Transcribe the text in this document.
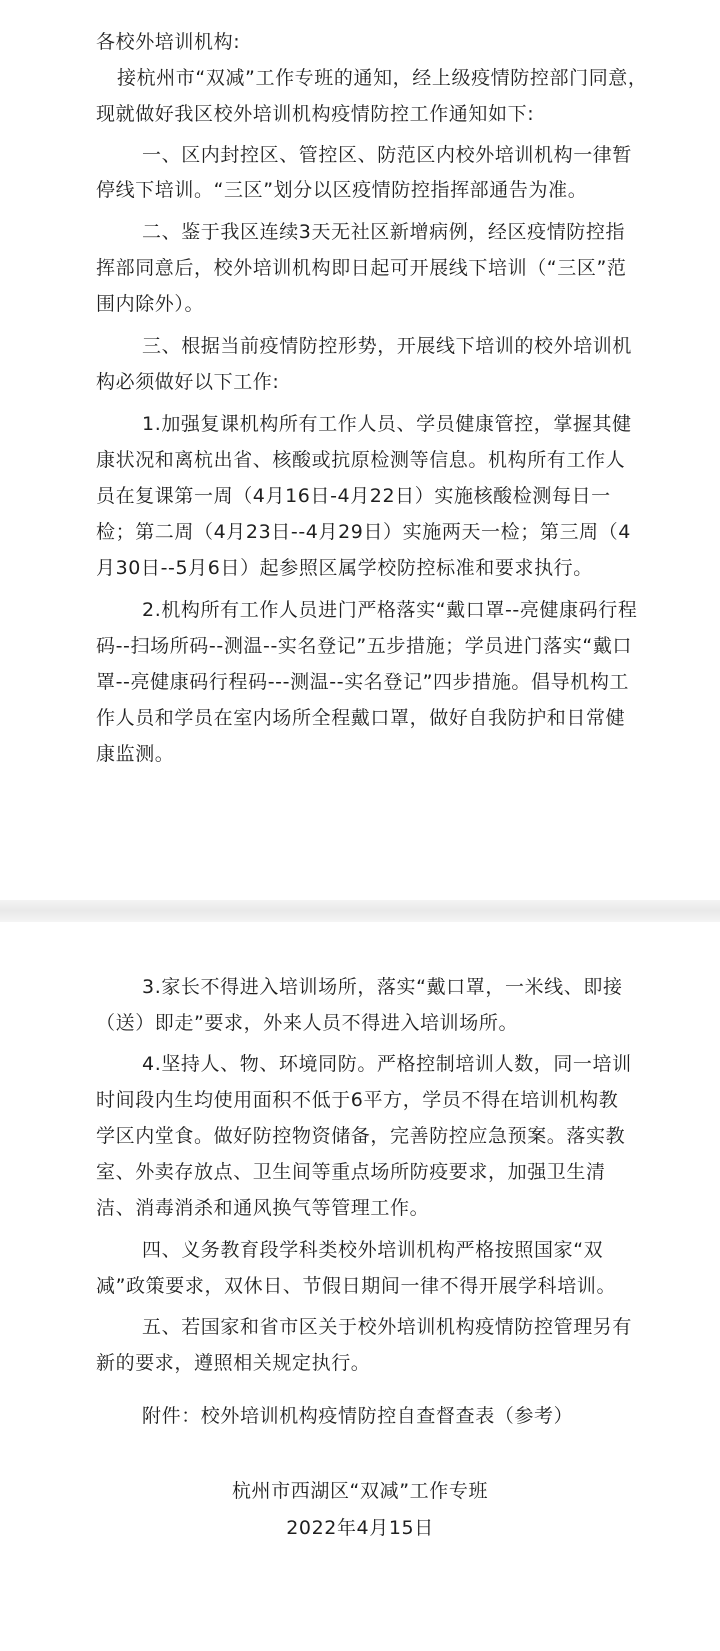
各校外培训机构:

接杭州市“双减”工作专班的通知，经上级疫情防控部门同意，

现就做好我区校外培训机构疫情防控工作通知如下:

一、区内封控区、管控区、防范区内校外培训机构一律暂

停线下培训。“三区”划分以区疫情防控指挥部通告为准。

二、鉴于我区连续3天无社区新增病例，经区疫情防控指

挥部同意后，校外培训机构即日起可开展线下培训（“三区”范

围内除外）。

三、根据当前疫情防控形势，开展线下培训的校外培训机

构必须做好以下工作:

1.加强复课机构所有工作人员、学员健康管控，掌握其健

康状况和离杭出省、核酸或抗原检测等信息。机构所有工作人

员在复课第一周（4月16日-4月22日）实施核酸检测每日一

检；第二周（4月23日--4月29日）实施两天一检；第三周（4

月30日--5月6日）起参照区属学校防控标准和要求执行。

2.机构所有工作人员进门严格落实“戴口罩--亮健康码行程

码--扫场所码--测温--实名登记”五步措施；学员进门落实“戴口

罩--亮健康码行程码---测温--实名登记”四步措施。倡导机构工

作人员和学员在室内场所全程戴口罩，做好自我防护和日常健

康监测。

3.家长不得进入培训场所，落实“戴口罩，一米线、即接

（送）即走”要求，外来人员不得进入培训场所。

4.坚持人、物、环境同防。严格控制培训人数，同一培训

时间段内生均使用面积不低于6平方，学员不得在培训机构教

学区内堂食。做好防控物资储备，完善防控应急预案。落实教

室、外卖存放点、卫生间等重点场所防疫要求，加强卫生清

洁、消毒消杀和通风换气等管理工作。

四、义务教育段学科类校外培训机构严格按照国家“双

减”政策要求，双休日、节假日期间一律不得开展学科培训。

五、若国家和省市区关于校外培训机构疫情防控管理另有

新的要求，遵照相关规定执行。

附件：校外培训机构疫情防控自查督查表（参考）

杭州市西湖区“双减”工作专班

2022年4月15日
